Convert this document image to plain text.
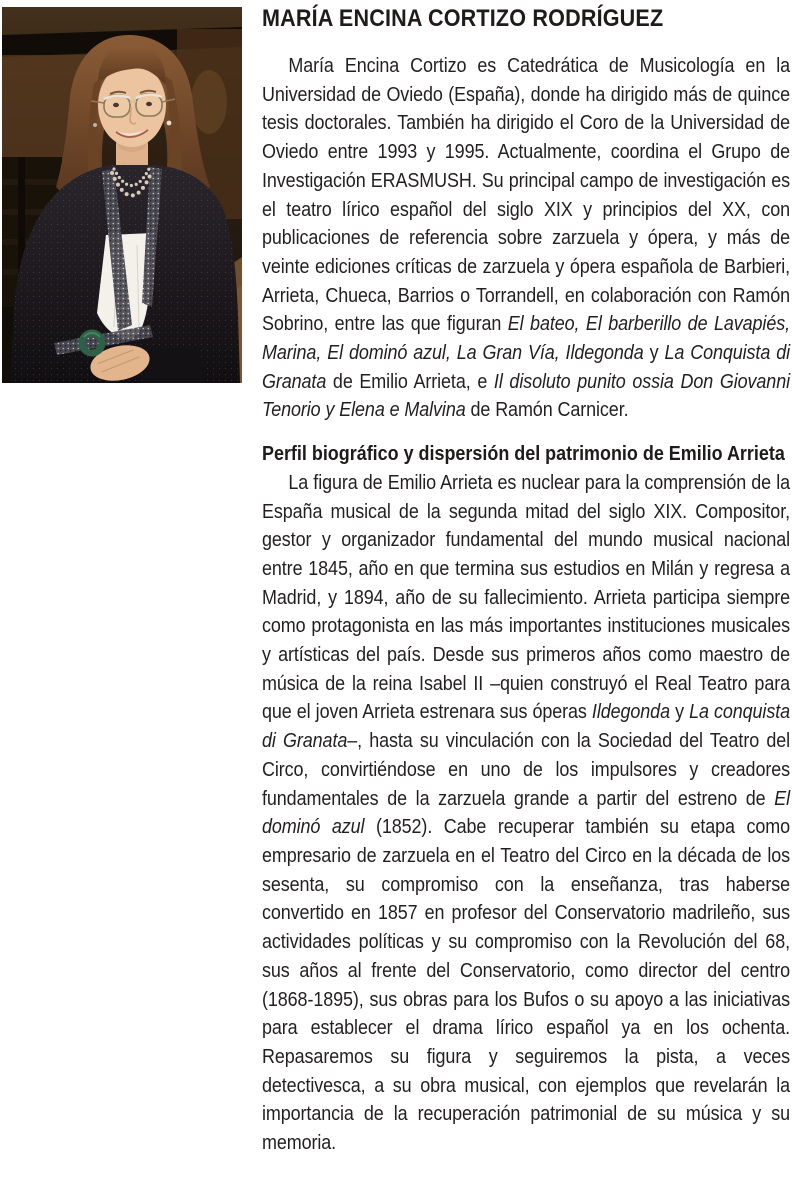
MARÍA ENCINA CORTIZO RODRÍGUEZ

María Encina Cortizo es Catedrática de Musicología en la Universidad de Oviedo (España), donde ha dirigido más de quince tesis doctorales. También ha dirigido el Coro de la Universidad de Oviedo entre 1993 y 1995. Actualmente, coordina el Grupo de Investigación ERASMUSH. Su principal campo de investigación es el teatro lírico español del siglo XIX y principios del XX, con publicaciones de referencia sobre zarzuela y ópera, y más de veinte ediciones críticas de zarzuela y ópera española de Barbieri, Arrieta, Chueca, Barrios o Torrandell, en colaboración con Ramón Sobrino, entre las que figuran El bateo, El barberillo de Lavapiés, Marina, El dominó azul, La Gran Vía, Ildegonda y La Conquista di Granata de Emilio Arrieta, e Il disoluto punito ossia Don Giovanni Tenorio y Elena e Malvina de Ramón Carnicer.

Perfil biográfico y dispersión del patrimonio de Emilio Arrieta

La figura de Emilio Arrieta es nuclear para la comprensión de la España musical de la segunda mitad del siglo XIX. Compositor, gestor y organizador fundamental del mundo musical nacional entre 1845, año en que termina sus estudios en Milán y regresa a Madrid, y 1894, año de su fallecimiento. Arrieta participa siempre como protagonista en las más importantes instituciones musicales y artísticas del país. Desde sus primeros años como maestro de música de la reina Isabel II –quien construyó el Real Teatro para que el joven Arrieta estrenara sus óperas Ildegonda y La conquista di Granata–, hasta su vinculación con la Sociedad del Teatro del Circo, convirtiéndose en uno de los impulsores y creadores fundamentales de la zarzuela grande a partir del estreno de El dominó azul (1852). Cabe recuperar también su etapa como empresario de zarzuela en el Teatro del Circo en la década de los sesenta, su compromiso con la enseñanza, tras haberse convertido en 1857 en profesor del Conservatorio madrileño, sus actividades políticas y su compromiso con la Revolución del 68, sus años al frente del Conservatorio, como director del centro (1868-1895), sus obras para los Bufos o su apoyo a las iniciativas para establecer el drama lírico español ya en los ochenta. Repasaremos su figura y seguiremos la pista, a veces detectivesca, a su obra musical, con ejemplos que revelarán la importancia de la recuperación patrimonial de su música y su memoria.
